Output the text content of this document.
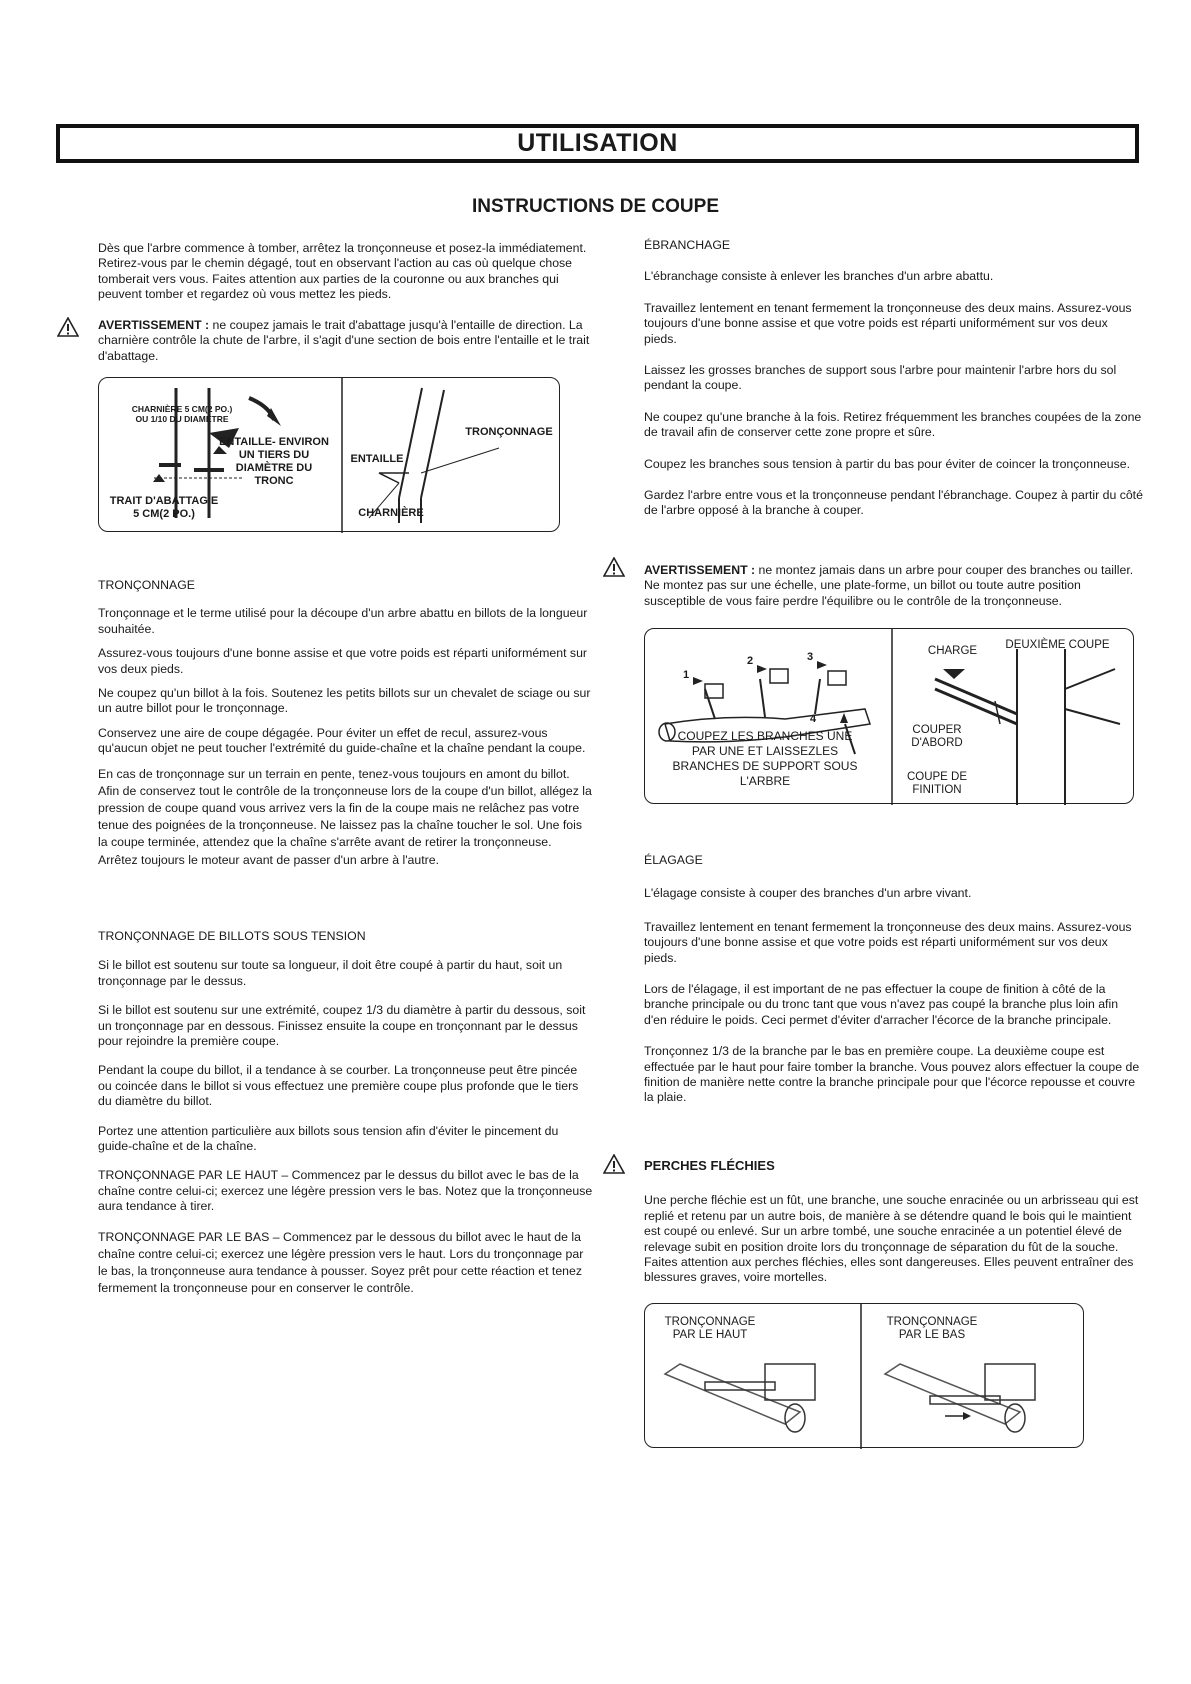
UTILISATION
INSTRUCTIONS DE COUPE

Dès que l'arbre commence à tomber, arrêtez la tronçonneuse et posez-la immédiatement. Retirez-vous par le chemin dégagé, tout en observant l'action au cas où quelque chose tomberait vers vous. Faites attention aux parties de la couronne ou aux branches qui peuvent tomber et regardez où vous mettez les pieds.

AVERTISSEMENT : ne coupez jamais le trait d'abattage jusqu'à l'entaille de direction. La charnière contrôle la chute de l'arbre, il s'agit d'une section de bois entre l'entaille et le trait d'abattage.

CHARNIÈRE 5 CM(2 PO.) OU 1/10 DU DIAMÈTRE
ENTAILLE- ENVIRON UN TIERS DU DIAMÈTRE DU TRONC
TRAIT D'ABATTAG E 5 CM(2 PO.)
TRONÇONNAGE
ENTAILLE
CHARNIÈRE

TRONÇONNAGE

Tronçonnage et le terme utilisé pour la découpe d'un arbre abattu en billots de la longueur souhaitée.

Assurez-vous toujours d'une bonne assise et que votre poids est réparti uniformément sur vos deux pieds.

Ne coupez qu'un billot à la fois. Soutenez les petits billots sur un chevalet de sciage ou sur un autre billot pour le tronçonnage.

Conservez une aire de coupe dégagée. Pour éviter un effet de recul, assurez-vous qu'aucun objet ne peut toucher l'extrémité du guide-chaîne et la chaîne pendant la coupe.

En cas de tronçonnage sur un terrain en pente, tenez-vous toujours en amont du billot. Afin de conservez tout le contrôle de la tronçonneuse lors de la coupe d'un billot, allégez la pression de coupe quand vous arrivez vers la fin de la coupe mais ne relâchez pas votre tenue des poignées de la tronçonneuse. Ne laissez pas la chaîne toucher le sol. Une fois la coupe terminée, attendez que la chaîne s'arrête avant de retirer la tronçonneuse. Arrêtez toujours le moteur avant de passer d'un arbre à l'autre.

TRONÇONNAGE DE BILLOTS SOUS TENSION

Si le billot est soutenu sur toute sa longueur, il doit être coupé à partir du haut, soit un tronçonnage par le dessus.

Si le billot est soutenu sur une extrémité, coupez 1/3 du diamètre à partir du dessous, soit un tronçonnage par en dessous. Finissez ensuite la coupe en tronçonnant par le dessus pour rejoindre la première coupe.

Pendant la coupe du billot, il a tendance à se courber. La tronçonneuse peut être pincée ou coincée dans le billot si vous effectuez une première coupe plus profonde que le tiers du diamètre du billot.

Portez une attention particulière aux billots sous tension afin d'éviter le pincement du guide-chaîne et de la chaîne.

TRONÇONNAGE PAR LE HAUT – Commencez par le dessus du billot avec le bas de la chaîne contre celui-ci; exercez une légère pression vers le bas. Notez que la tronçonneuse aura tendance à tirer.

TRONÇONNAGE PAR LE BAS – Commencez par le dessous du billot avec le haut de la chaîne contre celui-ci; exercez une légère pression vers le haut. Lors du tronçonnage par le bas, la tronçonneuse aura tendance à pousser. Soyez prêt pour cette réaction et tenez fermement la tronçonneuse pour en conserver le contrôle.

ÉBRANCHAGE

L'ébranchage consiste à enlever les branches d'un arbre abattu.

Travaillez lentement en tenant fermement la tronçonneuse des deux mains. Assurez-vous toujours d'une bonne assise et que votre poids est réparti uniformément sur vos deux pieds.

Laissez les grosses branches de support sous l'arbre pour maintenir l'arbre hors du sol pendant la coupe.

Ne coupez qu'une branche à la fois. Retirez fréquemment les branches coupées de la zone de travail afin de conserver cette zone propre et sûre.

Coupez les branches sous tension à partir du bas pour éviter de coincer la tronçonneuse.

Gardez l'arbre entre vous et la tronçonneuse pendant l'ébranchage. Coupez à partir du côté de l'arbre opposé à la branche à couper.

AVERTISSEMENT : ne montez jamais dans un arbre pour couper des branches ou tailler. Ne montez pas sur une échelle, une plate-forme, un billot ou toute autre position susceptible de vous faire perdre l'équilibre ou le contrôle de la tronçonneuse.

COUPEZ LES BRANCHES UNE PAR UNE ET LAISSEZLES BRANCHES DE SUPPORT SOUS L'ARBRE
CHARGE	DEUXIÈME COUPE
COUPER D'ABORD
COUPE DE FINITION
1
2	3
4

ÉLAGAGE

L'élagage consiste à couper des branches d'un arbre vivant.

Travaillez lentement en tenant fermement la tronçonneuse des deux mains. Assurez-vous toujours d'une bonne assise et que votre poids est réparti uniformément sur vos deux pieds.

Lors de l'élagage, il est important de ne pas effectuer la coupe de finition à côté de la branche principale ou du tronc tant que vous n'avez pas coupé la branche plus loin afin d'en réduire le poids. Ceci permet d'éviter d'arracher l'écorce de la branche principale.

Tronçonnez 1/3 de la branche par le bas en première coupe. La deuxième coupe est effectuée par le haut pour faire tomber la branche. Vous pouvez alors effectuer la coupe de finition de manière nette contre la branche principale pour que l'écorce repousse et couvre la plaie.

PERCHES FLÉCHIES

Une perche fléchie est un fût, une branche, une souche enracinée ou un arbrisseau qui est replié et retenu par un autre bois, de manière à se détendre quand le bois qui le maintient est coupé ou enlevé. Sur un arbre tombé, une souche enracinée a un potentiel élevé de relevage subit en position droite lors du tronçonnage de séparation du fût de la souche. Faites attention aux perches fléchies, elles sont dangereuses. Elles peuvent entraîner des blessures graves, voire mortelles.

TRONÇONNAGE PAR LE HAUT
TRONÇONNAGE PAR LE BAS
